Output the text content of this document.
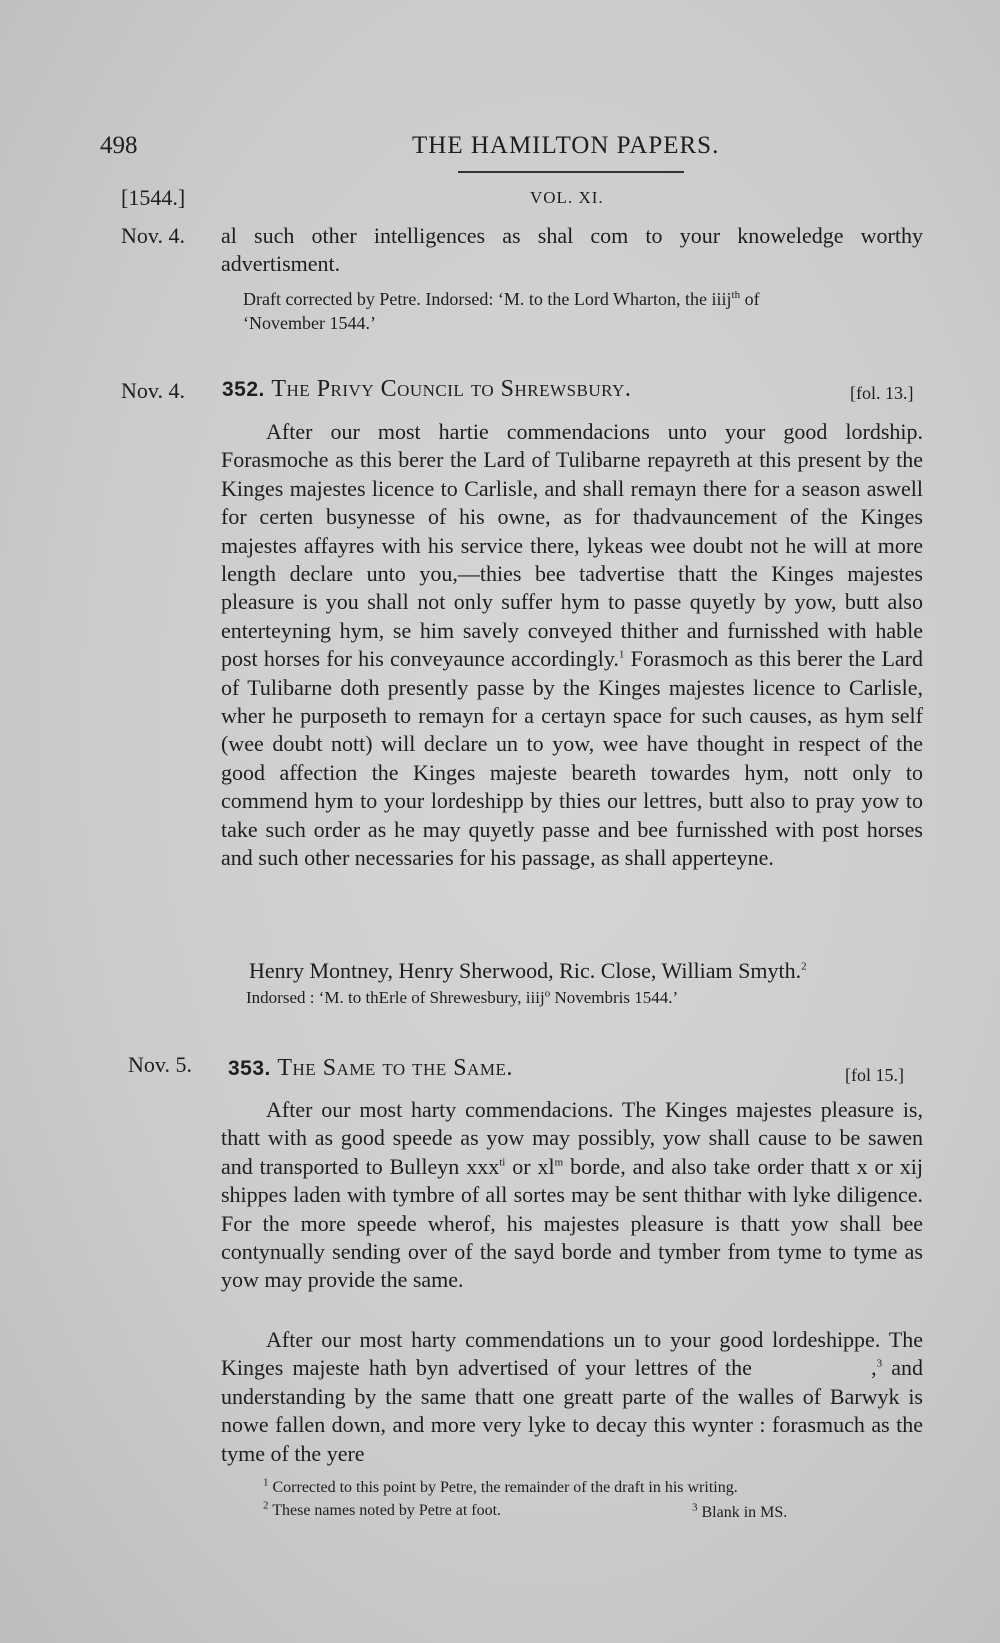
498	THE HAMILTON PAPERS.
[1544.]	VOL. XI.
Nov. 4. al such other intelligences as shal com to your knoweledge worthy advertisment.
Draft corrected by Petre. Indorsed: ‘M. to the Lord Wharton, the iiij$^{th}$ of
‘November 1544.’
Nov. 4. 352. The Privy Council to Shrewsbury.	[fol. 13.]
After our most hartie commendacions unto your good lordship. Forasmoche as this berer the Lard of Tulibarne repayreth at this present by the Kinges majestes licence to Carlisle, and shall remayn there for a season aswell for certen busynesse of his owne, as for thadvauncement of the Kinges majestes affayres with his service there, lykeas wee doubt not he will at more length declare unto you,—thies bee tadvertise thatt the Kinges majestes pleasure is you shall not only suffer hym to passe quyetly by yow, butt also enterteyning hym, se him savely conveyed thither and furnisshed with hable post horses for his conveyaunce accordingly.$^1$ Forasmoch as this berer the Lard of Tulibarne doth presently passe by the Kinges majestes licence to Carlisle, wher he purposeth to remayn for a certayn space for such causes, as hym self (wee doubt nott) will declare un to yow, wee have thought in respect of the good affection the Kinges majeste beareth towardes hym, nott only to commend hym to your lordeshipp by thies our lettres, butt also to pray yow to take such order as he may quyetly passe and bee furnisshed with post horses and such other necessaries for his passage, as shall apperteyne.
Henry Montney, Henry Sherwood, Ric. Close, William Smyth.$^2$
Indorsed : ‘M. to thErle of Shrewesbury, iiij$^o$ Novembris 1544.’
Nov. 5. 353. The Same to the Same.	[fol 15.]
After our most harty commendacions. The Kinges majestes pleasure is, thatt with as good speede as yow may possibly, yow shall cause to be sawen and transported to Bulleyn xxx$^{ti}$ or $xl^m$ borde, and also take order thatt x or xij shippes laden with tymbre of all sortes may be sent thithar with lyke diligence. For the more speede wherof, his majestes pleasure is thatt yow shall bee contynually sending over of the sayd borde and tymber from tyme to tyme as yow may provide the same.
After our most harty commendations un to your good lordeshippe. The Kinges majeste hath byn advertised of your lettres of the      ,$^3$ and understanding by the same thatt one greatt parte of the walles of Barwyk is nowe fallen down, and more very lyke to decay this wynter : forasmuch as the tyme of the yere
$^1$ Corrected to this point by Petre, the remainder of the draft in his writing.
$^2$ These names noted by Petre at foot.	$^3$ Blank in MS.
